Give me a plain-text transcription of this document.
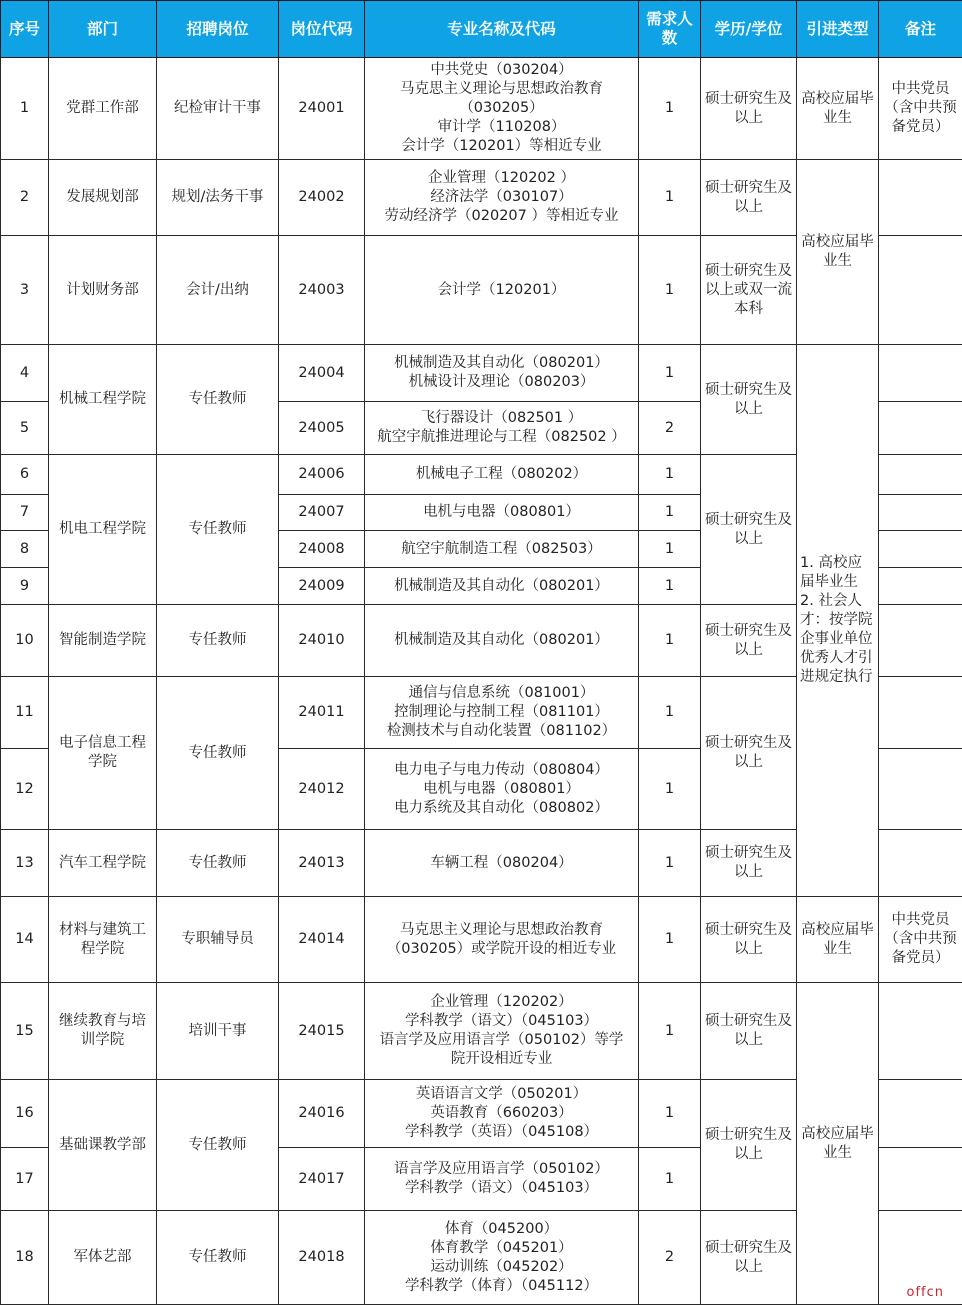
序号	部门	招聘岗位	岗位代码	专业名称及代码	需求人数	学历/学位	引进类型	备注
1	党群工作部	纪检审计干事	24001	中共党史（030204）
马克思主义理论与思想政治教育
（030205）
审计学（110208）
会计学（120201）等相近专业	1	硕士研究生及以上	高校应届毕业生	中共党员（含中共预备党员）
2	发展规划部	规划/法务干事	24002	企业管理（120202 ）
经济法学（030107）
劳动经济学（020207 ）等相近专业	1	硕士研究生及以上	高校应届毕业生	
3	计划财务部	会计/出纳	24003	会计学（120201）	1	硕士研究生及以上或双一流本科		
4	机械工程学院	专任教师	24004	机械制造及其自动化（080201）
机械设计及理论（080203）	1	硕士研究生及以上	1. 高校应届毕业生 2. 社会人才：按学院企事业单位优秀人才引进规定执行	
5			24005	飞行器设计（082501 ）
航空宇航推进理论与工程（082502 ）	2			
6	机电工程学院	专任教师	24006	机械电子工程（080202）	1	硕士研究生及以上		
7			24007	电机与电器（080801）	1			
8			24008	航空宇航制造工程（082503）	1			
9			24009	机械制造及其自动化（080201）	1			
10	智能制造学院	专任教师	24010	机械制造及其自动化（080201）	1	硕士研究生及以上		
11	电子信息工程学院	专任教师	24011	通信与信息系统（081001）
控制理论与控制工程（081101）
检测技术与自动化装置（081102）	1	硕士研究生及以上		
12			24012	电力电子与电力传动（080804）
电机与电器（080801）
电力系统及其自动化（080802）	1			
13	汽车工程学院	专任教师	24013	车辆工程（080204）	1	硕士研究生及以上		
14	材料与建筑工程学院	专职辅导员	24014	马克思主义理论与思想政治教育
（030205）或学院开设的相近专业	1	硕士研究生及以上	高校应届毕业生	中共党员（含中共预备党员）
15	继续教育与培训学院	培训干事	24015	企业管理（120202）
学科教学（语文）（045103）
语言学及应用语言学（050102）等学
院开设相近专业	1	硕士研究生及以上	高校应届毕业生	
16	基础课教学部	专任教师	24016	英语语言文学（050201）
英语教育（660203）
学科教学（英语）（045108）	1	硕士研究生及以上		
17			24017	语言学及应用语言学（050102）
学科教学（语文）（045103）	1			
18	军体艺部	专任教师	24018	体育（045200）
体育教学（045201）
运动训练（045202）
学科教学（体育）（045112）	2	硕士研究生及以上		
offcn
